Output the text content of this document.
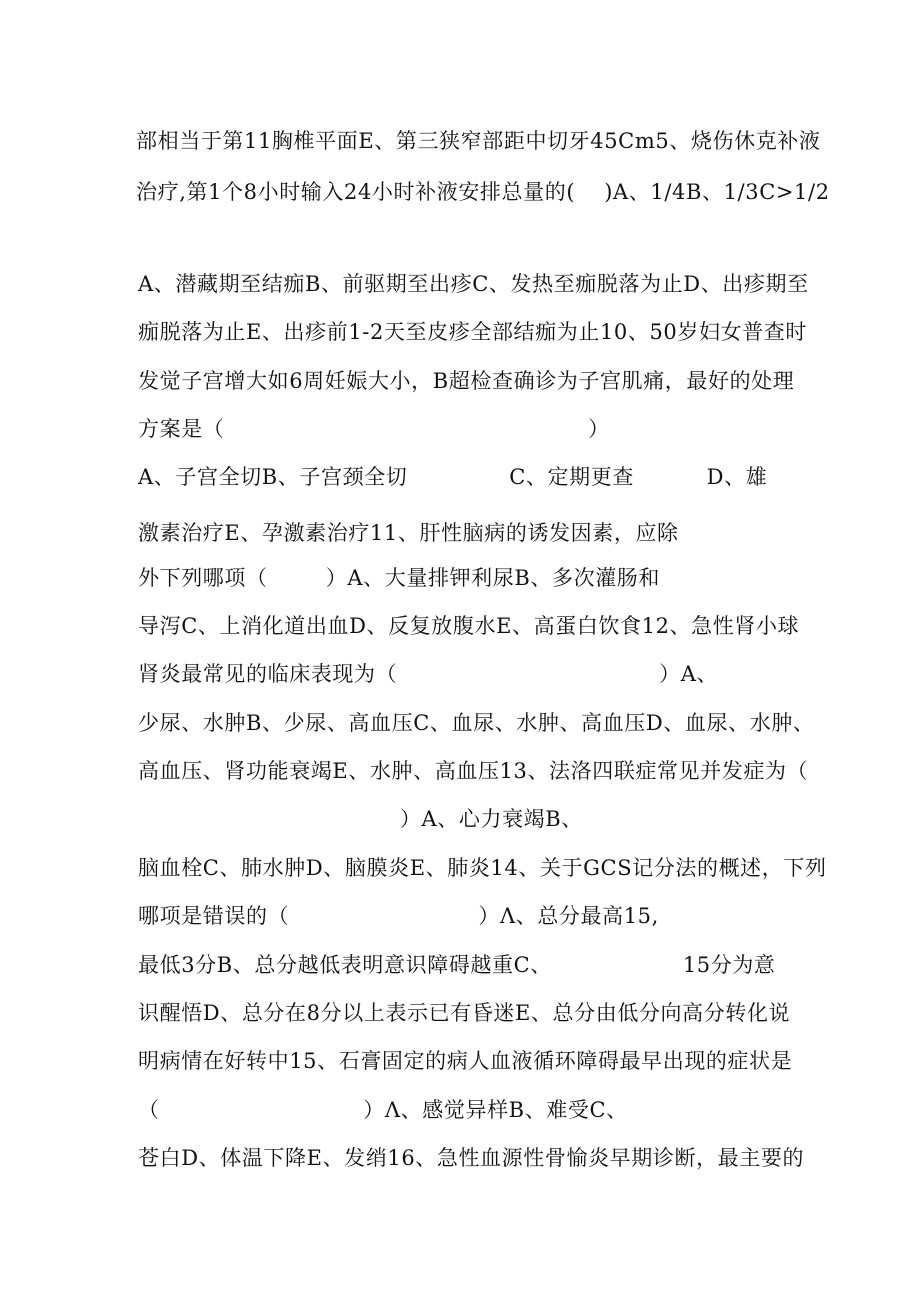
部相当于第11胸椎平面E、第三狭窄部距中切牙45Cm5、烧伤休克补液
治疗,第1个8小时输入24小时补液安排总量的(    )A、1/4B、1/3C>1/2
A、潜藏期至结痂B、前驱期至出疹C、发热至痂脱落为止D、出疹期至
痂脱落为止E、出疹前1-2天至皮疹全部结痂为止10、50岁妇女普查时
发觉子宫增大如6周妊娠大小，B超检查确诊为子宫肌痛，最好的处理
方案是（                                                  ）
A、子宫全切B、子宫颈全切              C、定期更查          D、雄
激素治疗E、孕激素治疗11、肝性脑病的诱发因素，应除
外下列哪项（        ）A、大量排钾利尿B、多次灌肠和
导泻C、上消化道出血D、反复放腹水E、高蛋白饮食12、急性肾小球
肾炎最常见的临床表现为（                                    ）A、
少尿、水肿B、少尿、高血压C、血尿、水肿、高血压D、血尿、水肿、
高血压、肾功能衰竭E、水肿、高血压13、法洛四联症常见并发症为（
）A、心力衰竭B、
脑血栓C、肺水肿D、脑膜炎E、肺炎14、关于GCS记分法的概述，下列
哪项是错误的（                          ）Λ、总分最高15,
最低3分B、总分越低表明意识障碍越重C、                  15分为意
识醒悟D、总分在8分以上表示已有昏迷E、总分由低分向高分转化说
明病情在好转中15、石膏固定的病人血液循环障碍最早出现的症状是
（                            ）Λ、感觉异样B、难受C、
苍白D、体温下降E、发绡16、急性血源性骨愉炎早期诊断，最主要的
